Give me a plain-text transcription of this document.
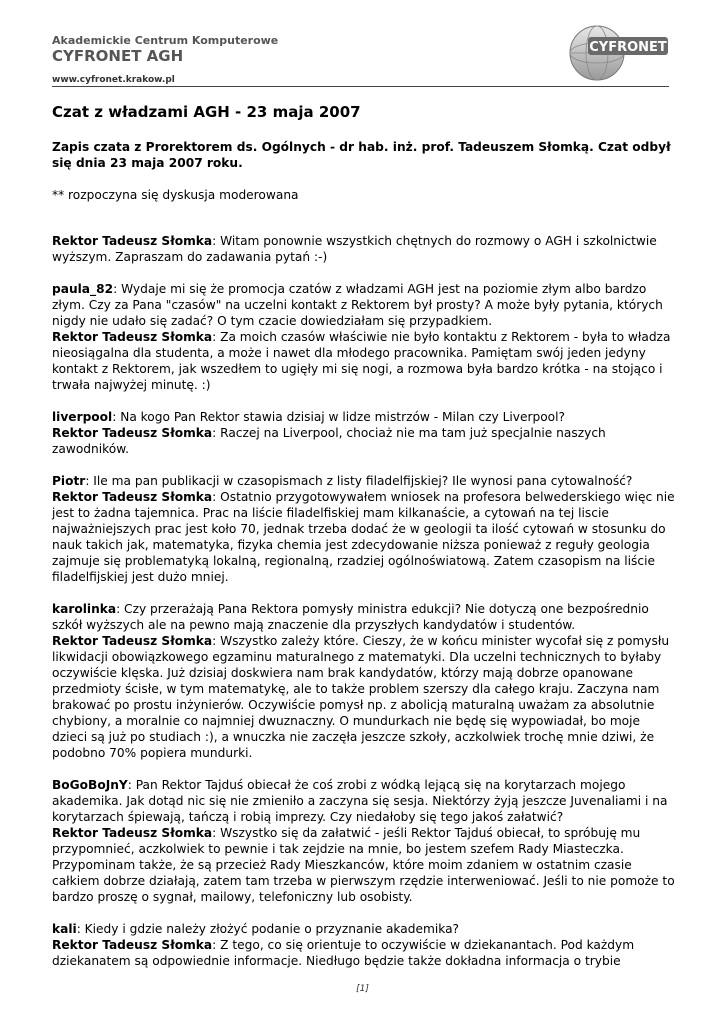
Akademickie Centrum Komputerowe
CYFRONET AGH
www.cyfronet.krakow.pl
CYFRONET
Czat z władzami AGH - 23 maja 2007

Zapis czata z Prorektorem ds. Ogólnych - dr hab. inż. prof. Tadeuszem Słomką. Czat odbył się dnia 23 maja 2007 roku.

** rozpoczyna się dyskusja moderowana

Rektor Tadeusz Słomka: Witam ponownie wszystkich chętnych do rozmowy o AGH i szkolnictwie wyższym. Zapraszam do zadawania pytań :-)
paula_82: Wydaje mi się że promocja czatów z władzami AGH jest na poziomie złym albo bardzo złym. Czy za Pana "czasów" na uczelni kontakt z Rektorem był prosty? A może były pytania, których nigdy nie udało się zadać? O tym czacie dowiedziałam się przypadkiem.
Rektor Tadeusz Słomka: Za moich czasów właściwie nie było kontaktu z Rektorem - była to władza nieosiągalna dla studenta, a może i nawet dla młodego pracownika. Pamiętam swój jeden jedyny kontakt z Rektorem, jak wszedłem to ugięły mi się nogi, a rozmowa była bardzo krótka - na stojąco i trwała najwyżej minutę. :)
liverpool: Na kogo Pan Rektor stawia dzisiaj w lidze mistrzów - Milan czy Liverpool?
Rektor Tadeusz Słomka: Raczej na Liverpool, chociaż nie ma tam już specjalnie naszych zawodników.
Piotr: Ile ma pan publikacji w czasopismach z listy filadelfijskiej? Ile wynosi pana cytowalność?
Rektor Tadeusz Słomka: Ostatnio przygotowywałem wniosek na profesora belwederskiego więc nie jest to żadna tajemnica. Prac na liście filadelfiskiej mam kilkanaście, a cytowań na tej liscie najważniejszych prac jest koło 70, jednak trzeba dodać że w geologii ta ilość cytowań w stosunku do nauk takich jak, matematyka, fizyka chemia jest zdecydowanie niższa ponieważ z reguły geologia zajmuje się problematyką lokalną, regionalną, rzadziej ogólnoświatową. Zatem czasopism na liście filadelfijskiej jest dużo mniej.
karolinka: Czy przerażają Pana Rektora pomysły ministra edukcji? Nie dotyczą one bezpośrednio szkół wyższych ale na pewno mają znaczenie dla przyszłych kandydatów i studentów.
Rektor Tadeusz Słomka: Wszystko zależy które. Cieszy, że w końcu minister wycofał się z pomysłu likwidacji obowiązkowego egzaminu maturalnego z matematyki. Dla uczelni technicznych to byłaby oczywiście klęska. Już dzisiaj doskwiera nam brak kandydatów, którzy mają dobrze opanowane przedmioty ścisłe, w tym matematykę, ale to także problem szerszy dla całego kraju. Zaczyna nam brakować po prostu inżynierów. Oczywiście pomysł np. z abolicją maturalną uważam za absolutnie chybiony, a moralnie co najmniej dwuznaczny. O mundurkach nie będę się wypowiadał, bo moje dzieci są już po studiach :), a wnuczka nie zaczęła jeszcze szkoły, aczkolwiek trochę mnie dziwi, że podobno 70% popiera mundurki.
BoGoBoJnY: Pan Rektor Tajduś obiecał że coś zrobi z wódką lejącą się na korytarzach mojego akademika. Jak dotąd nic się nie zmieniło a zaczyna się sesja. Niektórzy żyją jeszcze Juvenaliami i na korytarzach śpiewają, tańczą i robią imprezy. Czy niedałoby się tego jakoś załatwić?
Rektor Tadeusz Słomka: Wszystko się da załatwić - jeśli Rektor Tajduś obiecał, to spróbuję mu przypomnieć, aczkolwiek to pewnie i tak zejdzie na mnie, bo jestem szefem Rady Miasteczka. Przypominam także, że są przecież Rady Mieszkanców, które moim zdaniem w ostatnim czasie całkiem dobrze działają, zatem tam trzeba w pierwszym rzędzie interweniować. Jeśli to nie pomoże to bardzo proszę o sygnał, mailowy, telefoniczny lub osobisty.
kali: Kiedy i gdzie należy złożyć podanie o przyznanie akademika?
Rektor Tadeusz Słomka: Z tego, co się orientuje to oczywiście w dziekanantach. Pod każdym dziekanatem są odpowiednie informacje. Niedługo będzie także dokładna informacja o trybie
[1]
